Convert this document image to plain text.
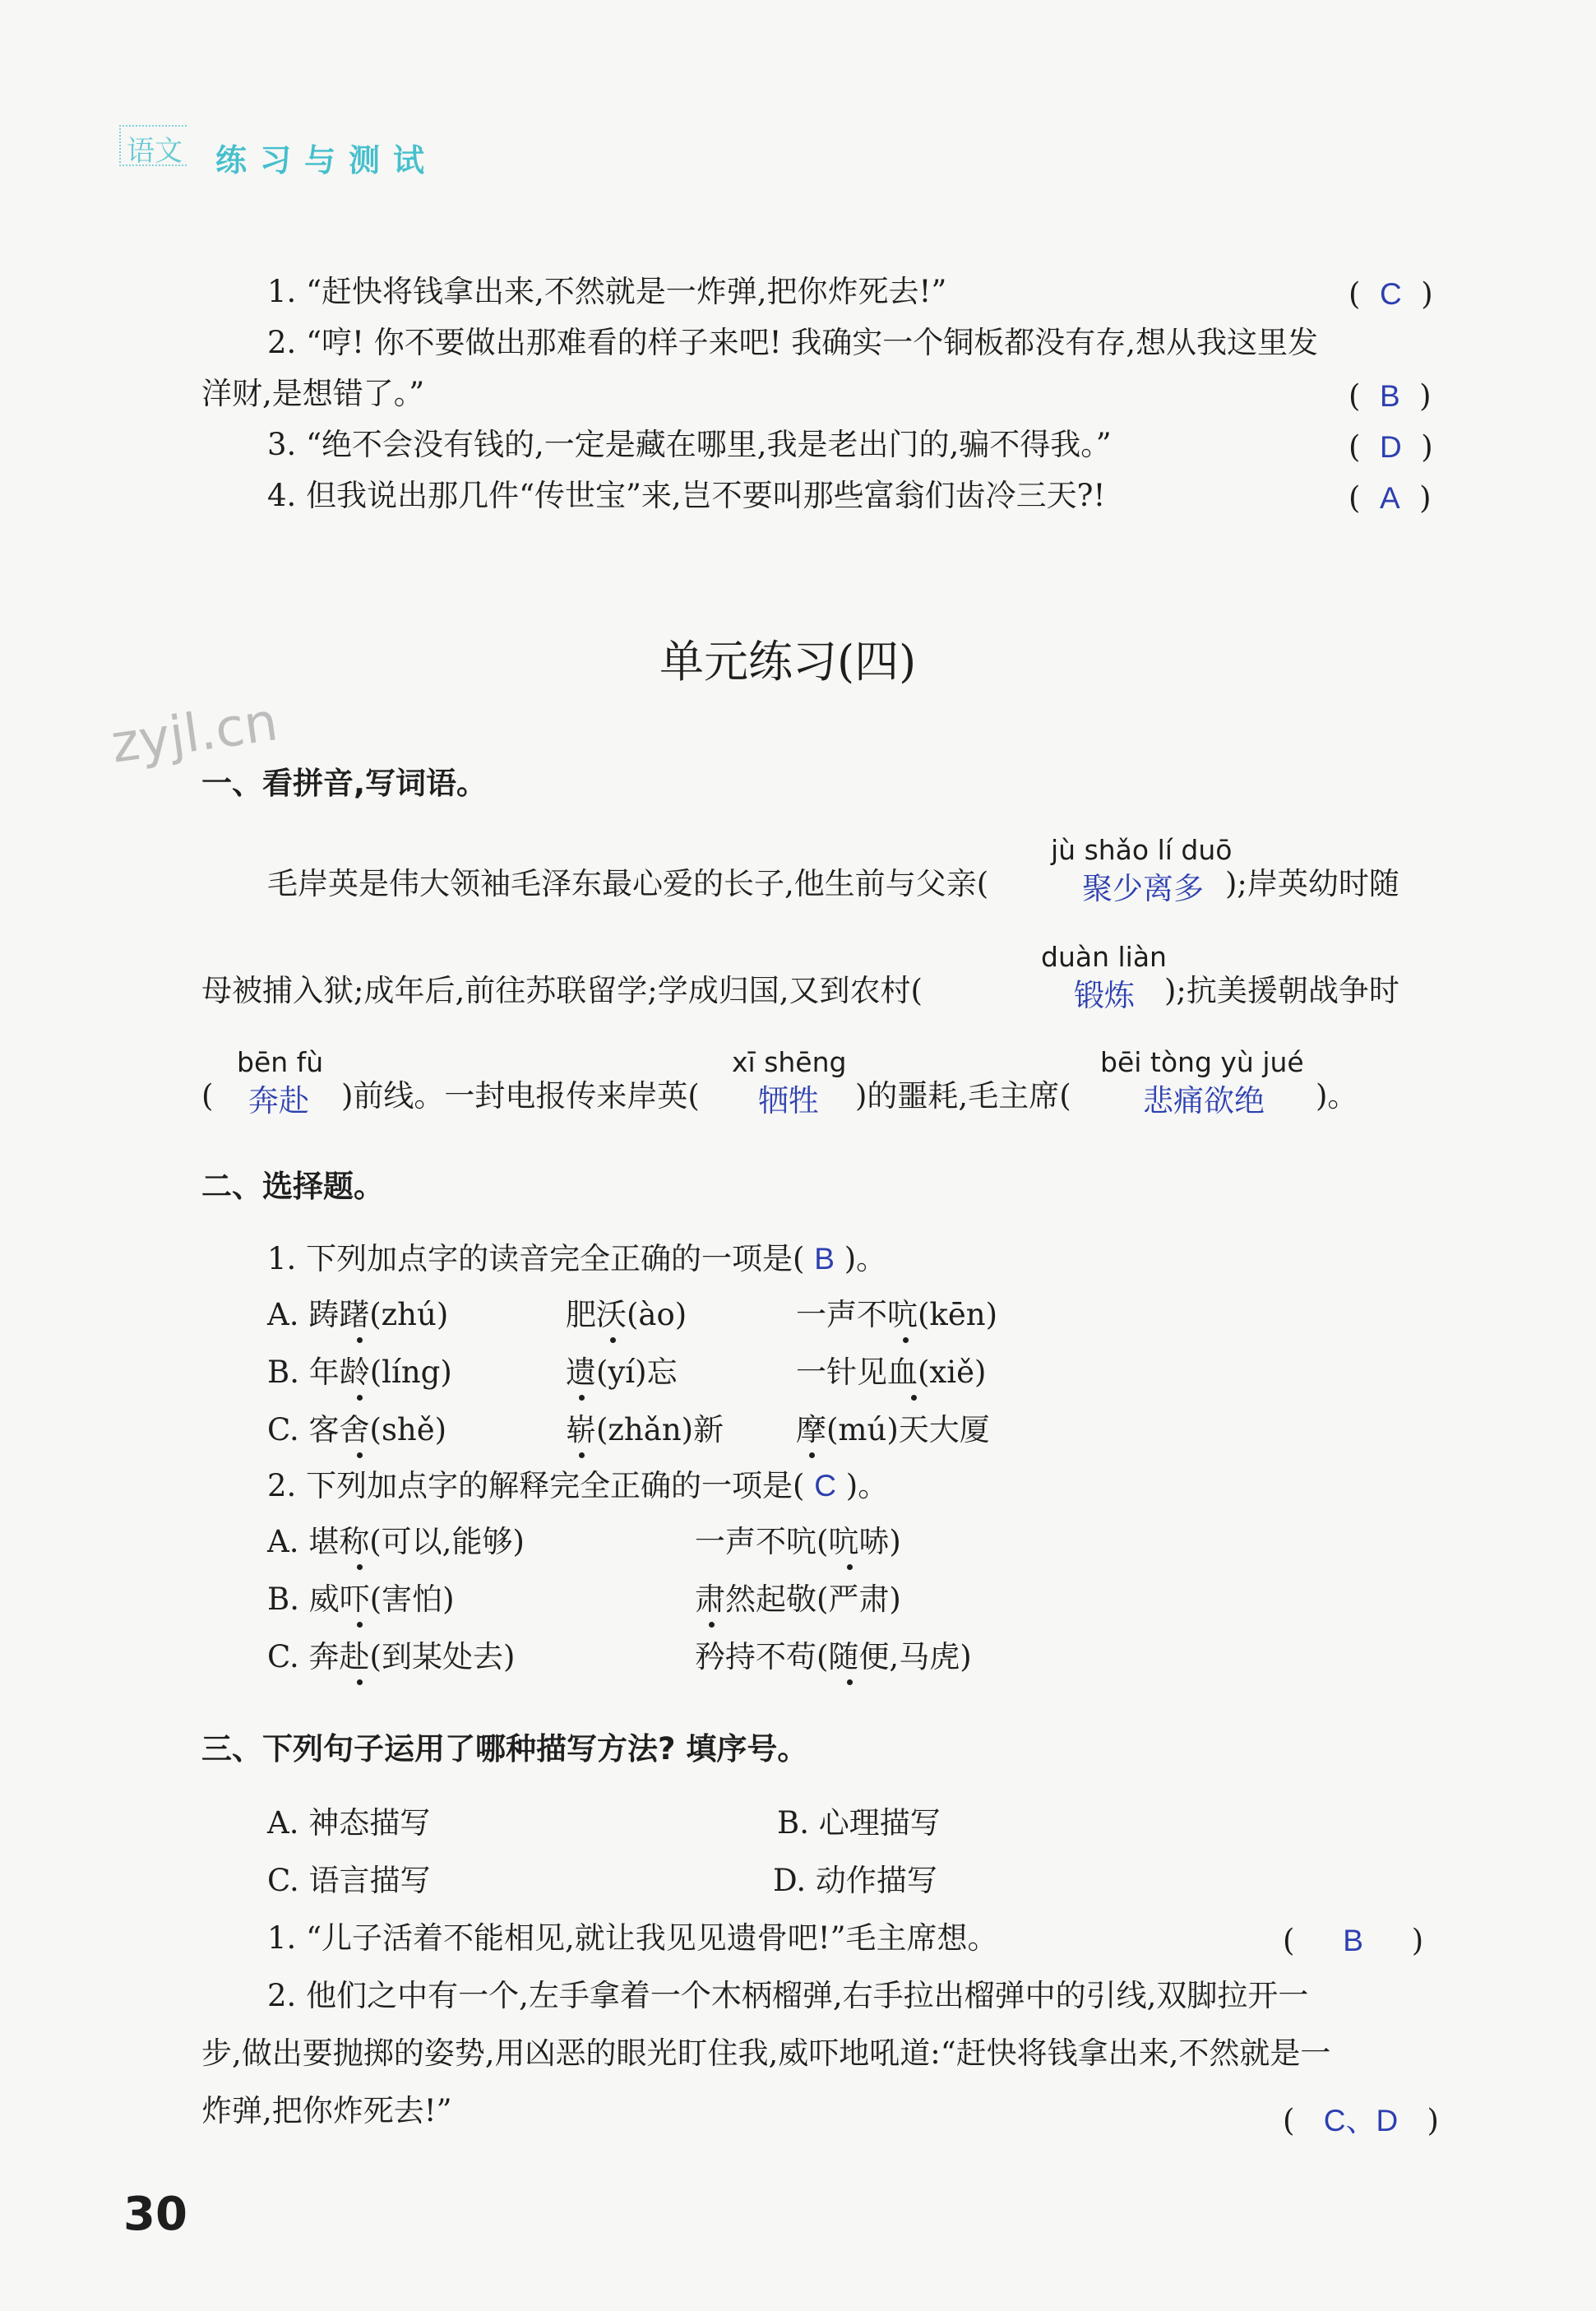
语文 练习与测试
1. “赶快将钱拿出来,不然就是一炸弹,把你炸死去!”	(  C  )
2. “哼! 你不要做出那难看的样子来吧! 我确实一个铜板都没有存,想从我这里发
洋财,是想错了。”	(  B  )
3. “绝不会没有钱的,一定是藏在哪里,我是老出门的,骗不得我。”	(  D  )
4. 但我说出那几件“传世宝”来,岂不要叫那些富翁们齿冷三天?!	(  A  )
单元练习(四)
zyjl.cn
一、看拼音,写词语。
jù shǎo lí duō
毛岸英是伟大领袖毛泽东最心爱的长子,他生前与父亲(	聚少离多 );岸英幼时随
duàn liàn
母被捕入狱;成年后,前往苏联留学;学成归国,又到农村(	锻炼 );抗美援朝战争时
bēn fù	xī shēng	bēi tòng yù jué
( 奔赴 )前线。一封电报传来岸英( 牺牲 )的噩耗,毛主席( 悲痛欲绝 )。
二、选择题。
1. 下列加点字的读音完全正确的一项是( B )。
A. 踌躇(zhú)	肥沃(ào)	一声不吭(kēn)
B. 年龄(líng)	遗(yí)忘	一针见血(xiě)
C. 客舍(shě)	崭(zhǎn)新 摩(mú)天大厦
2. 下列加点字的解释完全正确的一项是( C )。
A. 堪称(可以,能够)	一声不吭(吭哧)
B. 威吓(害怕)	肃然起敬(严肃)
C. 奔赴(到某处去)	矜持不苟(随便,马虎)
三、下列句子运用了哪种描写方法? 填序号。
A. 神态描写	B. 心理描写
C. 语言描写	D. 动作描写
1. “儿子活着不能相见,就让我见见遗骨吧!”毛主席想。	(     B     )
2. 他们之中有一个,左手拿着一个木柄榴弹,右手拉出榴弹中的引线,双脚拉开一
步,做出要抛掷的姿势,用凶恶的眼光盯住我,威吓地吼道:“赶快将钱拿出来,不然就是一
炸弹,把你炸死去!”	(   C、D   )
30
